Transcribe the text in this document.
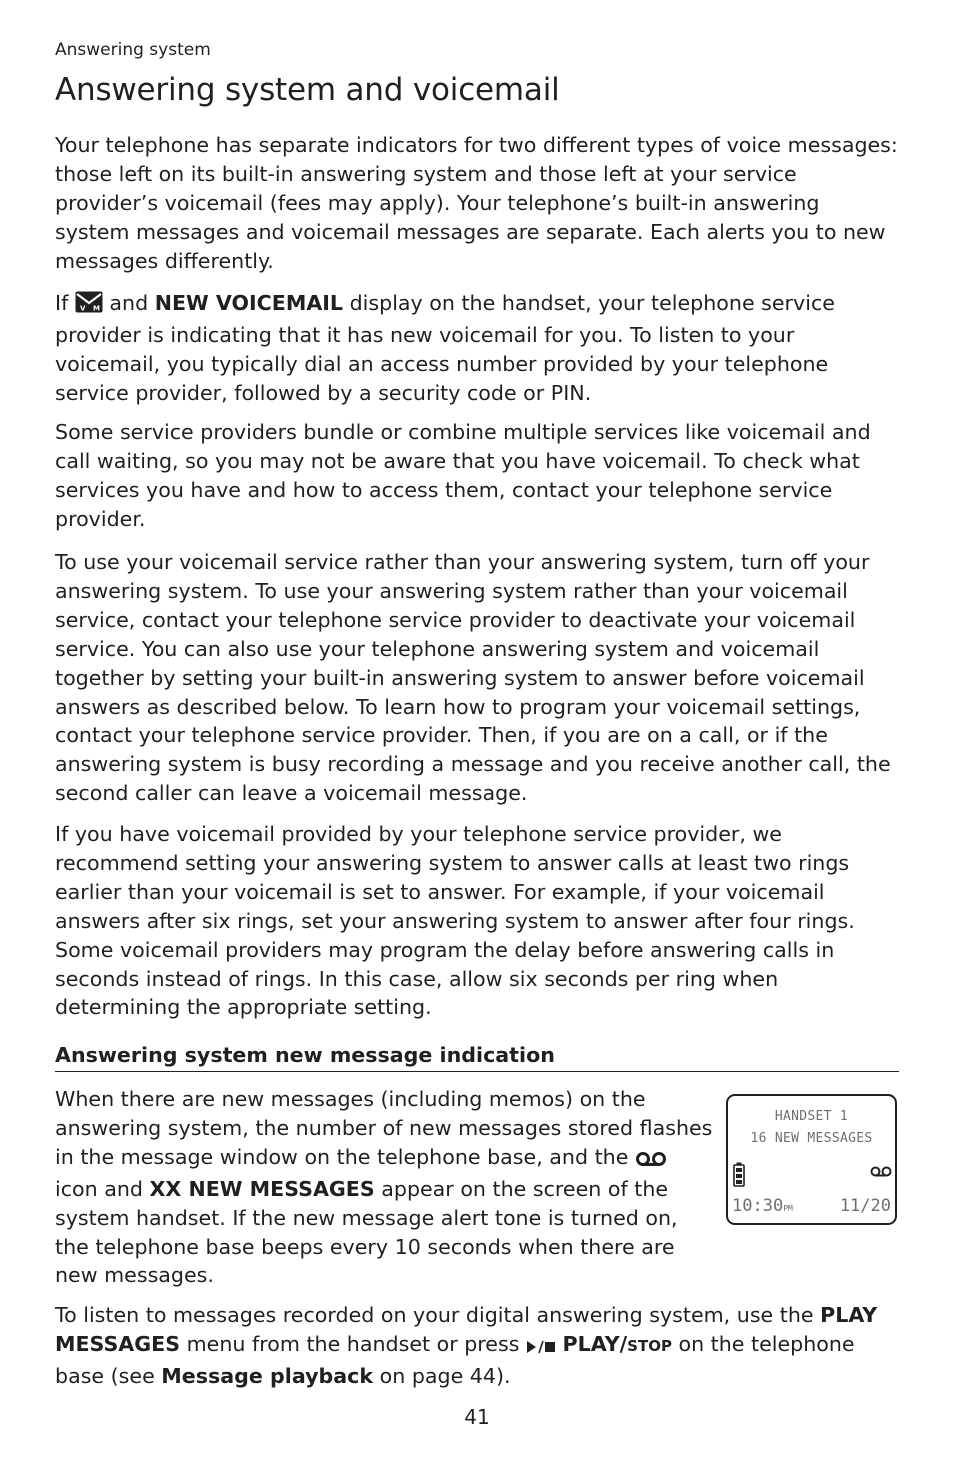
Answering system
Answering system and voicemail

Your telephone has separate indicators for two different types of voice messages: those left on its built-in answering system and those left at your service provider’s voicemail (fees may apply). Your telephone’s built-in answering system messages and voicemail messages are separate. Each alerts you to new messages differently.

If V M and NEW VOICEMAIL display on the handset, your telephone service provider is indicating that it has new voicemail for you. To listen to your voicemail, you typically dial an access number provided by your telephone service provider, followed by a security code or PIN.

Some service providers bundle or combine multiple services like voicemail and call waiting, so you may not be aware that you have voicemail. To check what services you have and how to access them, contact your telephone service provider.

To use your voicemail service rather than your answering system, turn off your answering system. To use your answering system rather than your voicemail service, contact your telephone service provider to deactivate your voicemail service. You can also use your telephone answering system and voicemail together by setting your built-in answering system to answer before voicemail answers as described below. To learn how to program your voicemail settings, contact your telephone service provider. Then, if you are on a call, or if the answering system is busy recording a message and you receive another call, the second caller can leave a voicemail message.

If you have voicemail provided by your telephone service provider, we recommend setting your answering system to answer calls at least two rings earlier than your voicemail is set to answer. For example, if your voicemail answers after six rings, set your answering system to answer after four rings. Some voicemail providers may program the delay before answering calls in seconds instead of rings. In this case, allow six seconds per ring when determining the appropriate setting.

Answering system new message indication

When there are new messages (including memos) on the answering system, the number of new messages stored flashes in the message window on the telephone base, and the  icon and XX NEW MESSAGES appear on the screen of the system handset. If the new message alert tone is turned on, the telephone base beeps every 10 seconds when there are new messages.

HANDSET 1
16 NEW MESSAGES
10:30PM	11/20

To listen to messages recorded on your digital answering system, use the PLAY MESSAGES menu from the handset or press PLAY/STOP on the telephone base (see Message playback on page 44).

41
